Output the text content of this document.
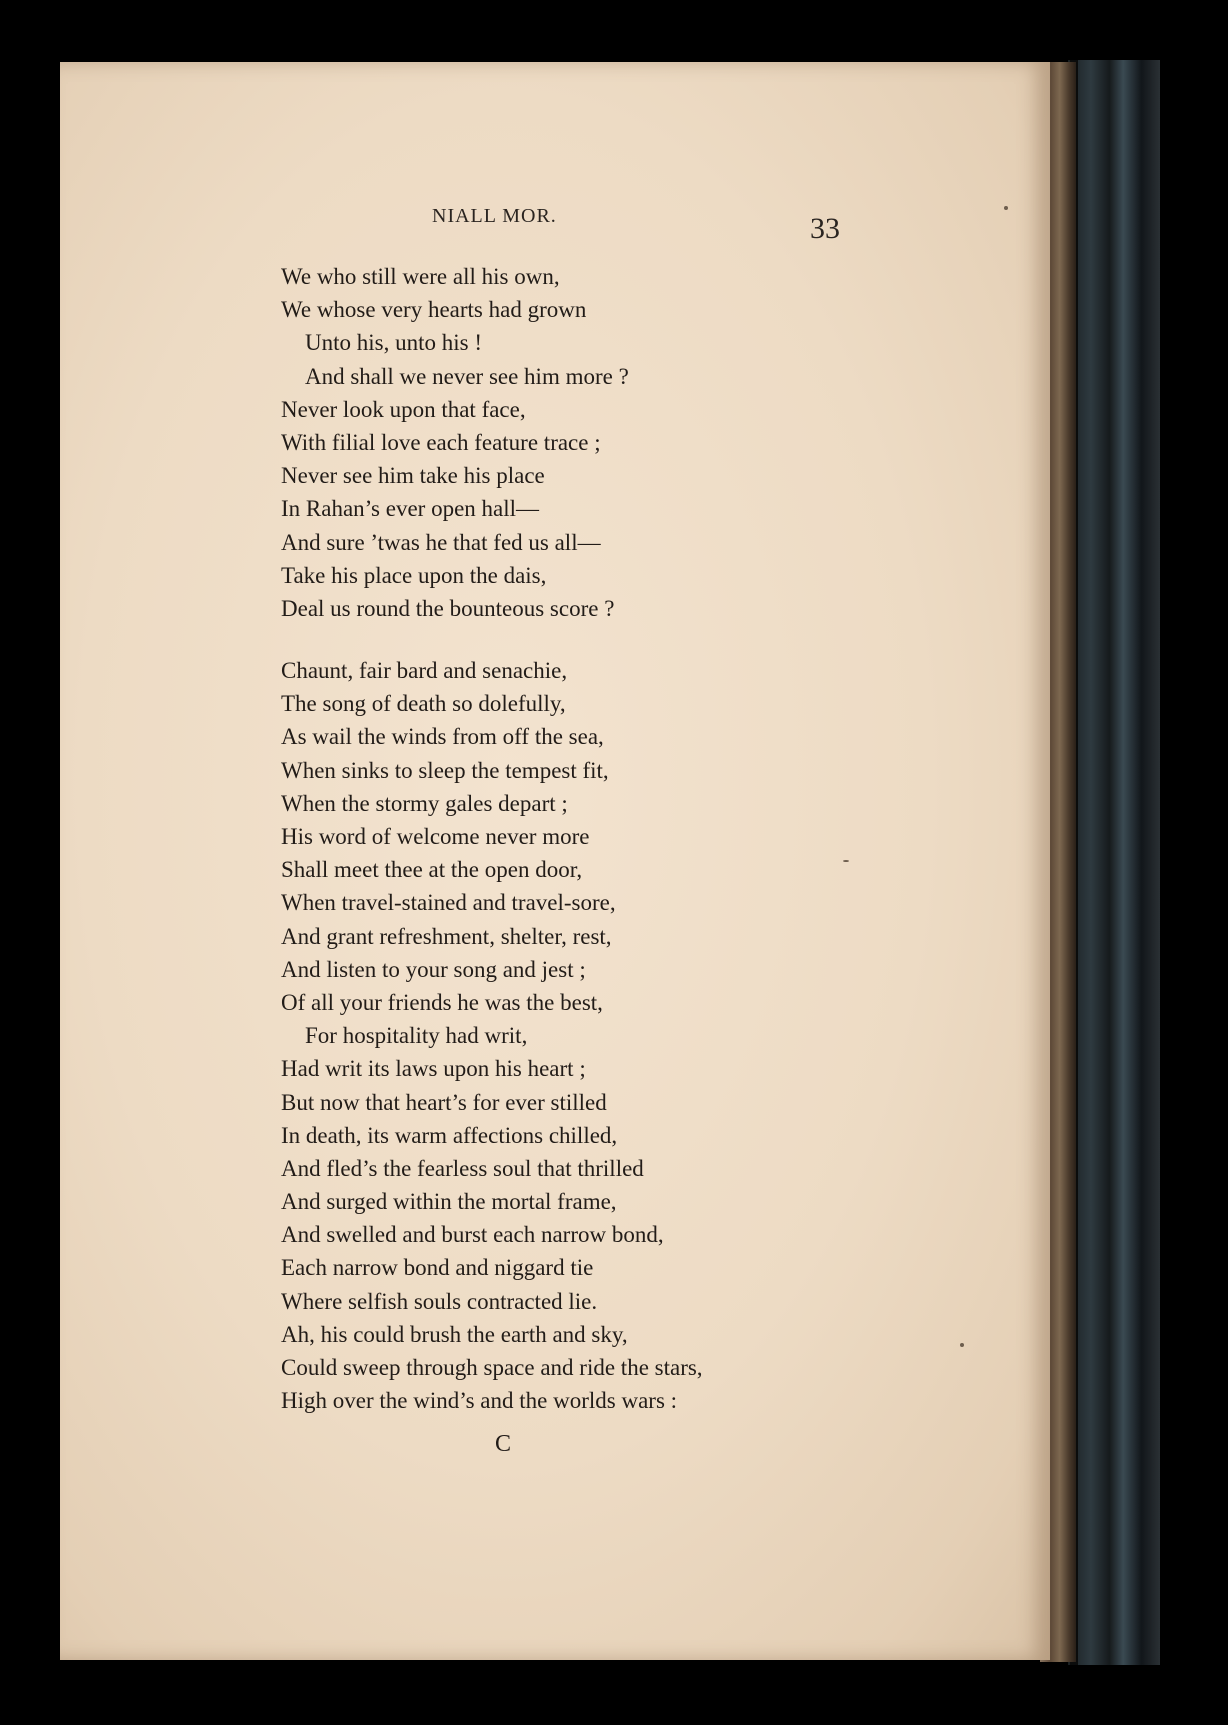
NIALL MOR.	33
We who still were all his own,
We whose very hearts had grown
Unto his, unto his !
And shall we never see him more ?
Never look upon that face,
With filial love each feature trace ;
Never see him take his place
In Rahan’s ever open hall—
And sure ’twas he that fed us all—
Take his place upon the dais,
Deal us round the bounteous score ?
Chaunt, fair bard and senachie,
The song of death so dolefully,
As wail the winds from off the sea,
When sinks to sleep the tempest fit,
When the stormy gales depart ;
His word of welcome never more
Shall meet thee at the open door,
When travel-stained and travel-sore,
And grant refreshment, shelter, rest,
And listen to your song and jest ;
Of all your friends he was the best,
For hospitality had writ,
Had writ its laws upon his heart ;
But now that heart’s for ever stilled
In death, its warm affections chilled,
And fled’s the fearless soul that thrilled
And surged within the mortal frame,
And swelled and burst each narrow bond,
Each narrow bond and niggard tie
Where selfish souls contracted lie.
Ah, his could brush the earth and sky,
Could sweep through space and ride the stars,
High over the wind’s and the worlds wars :
C
